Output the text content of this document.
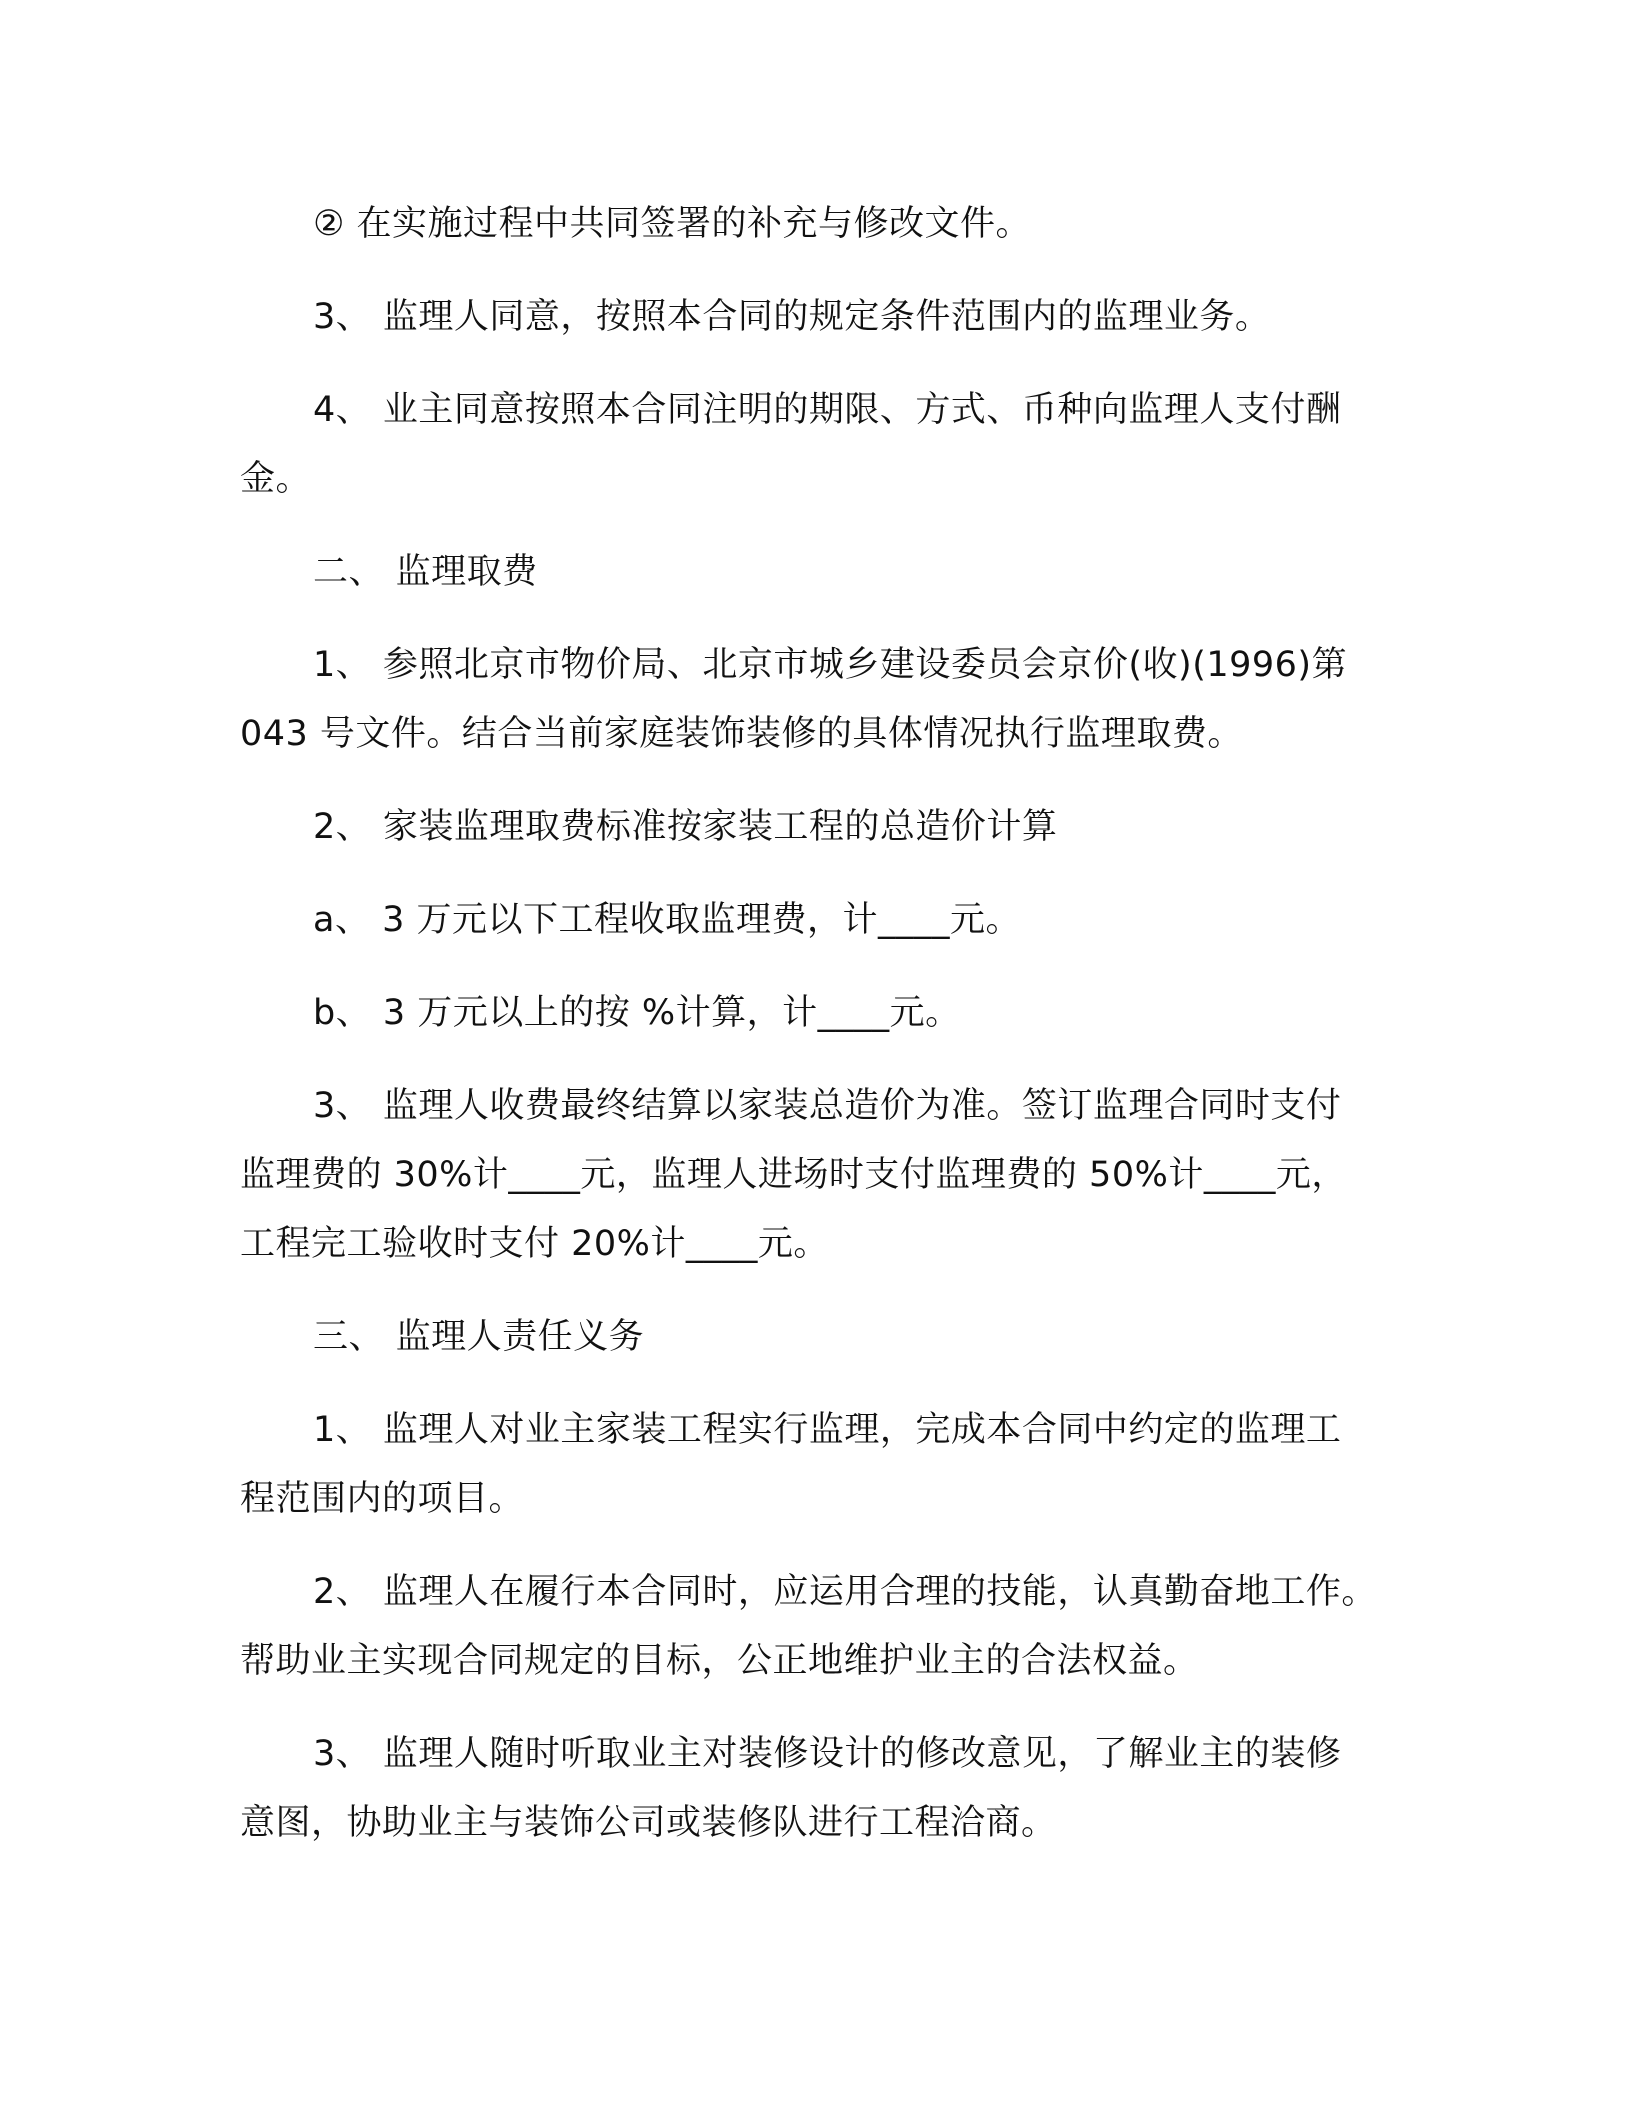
② 在实施过程中共同签署的补充与修改文件。

3、 监理人同意，按照本合同的规定条件范围内的监理业务。

4、 业主同意按照本合同注明的期限、方式、币种向监理人支付酬
金。

二、 监理取费

1、 参照北京市物价局、北京市城乡建设委员会京价(收)(1996)第
043 号文件。结合当前家庭装饰装修的具体情况执行监理取费。

2、 家装监理取费标准按家装工程的总造价计算

a、 3 万元以下工程收取监理费，计____元。

b、 3 万元以上的按 %计算，计____元。

3、 监理人收费最终结算以家装总造价为准。签订监理合同时支付
监理费的 30%计____元，监理人进场时支付监理费的 50%计____元，
工程完工验收时支付 20%计____元。

三、 监理人责任义务

1、 监理人对业主家装工程实行监理，完成本合同中约定的监理工
程范围内的项目。

2、 监理人在履行本合同时，应运用合理的技能，认真勤奋地工作。
帮助业主实现合同规定的目标，公正地维护业主的合法权益。

3、 监理人随时听取业主对装修设计的修改意见，了解业主的装修
意图，协助业主与装饰公司或装修队进行工程洽商。
